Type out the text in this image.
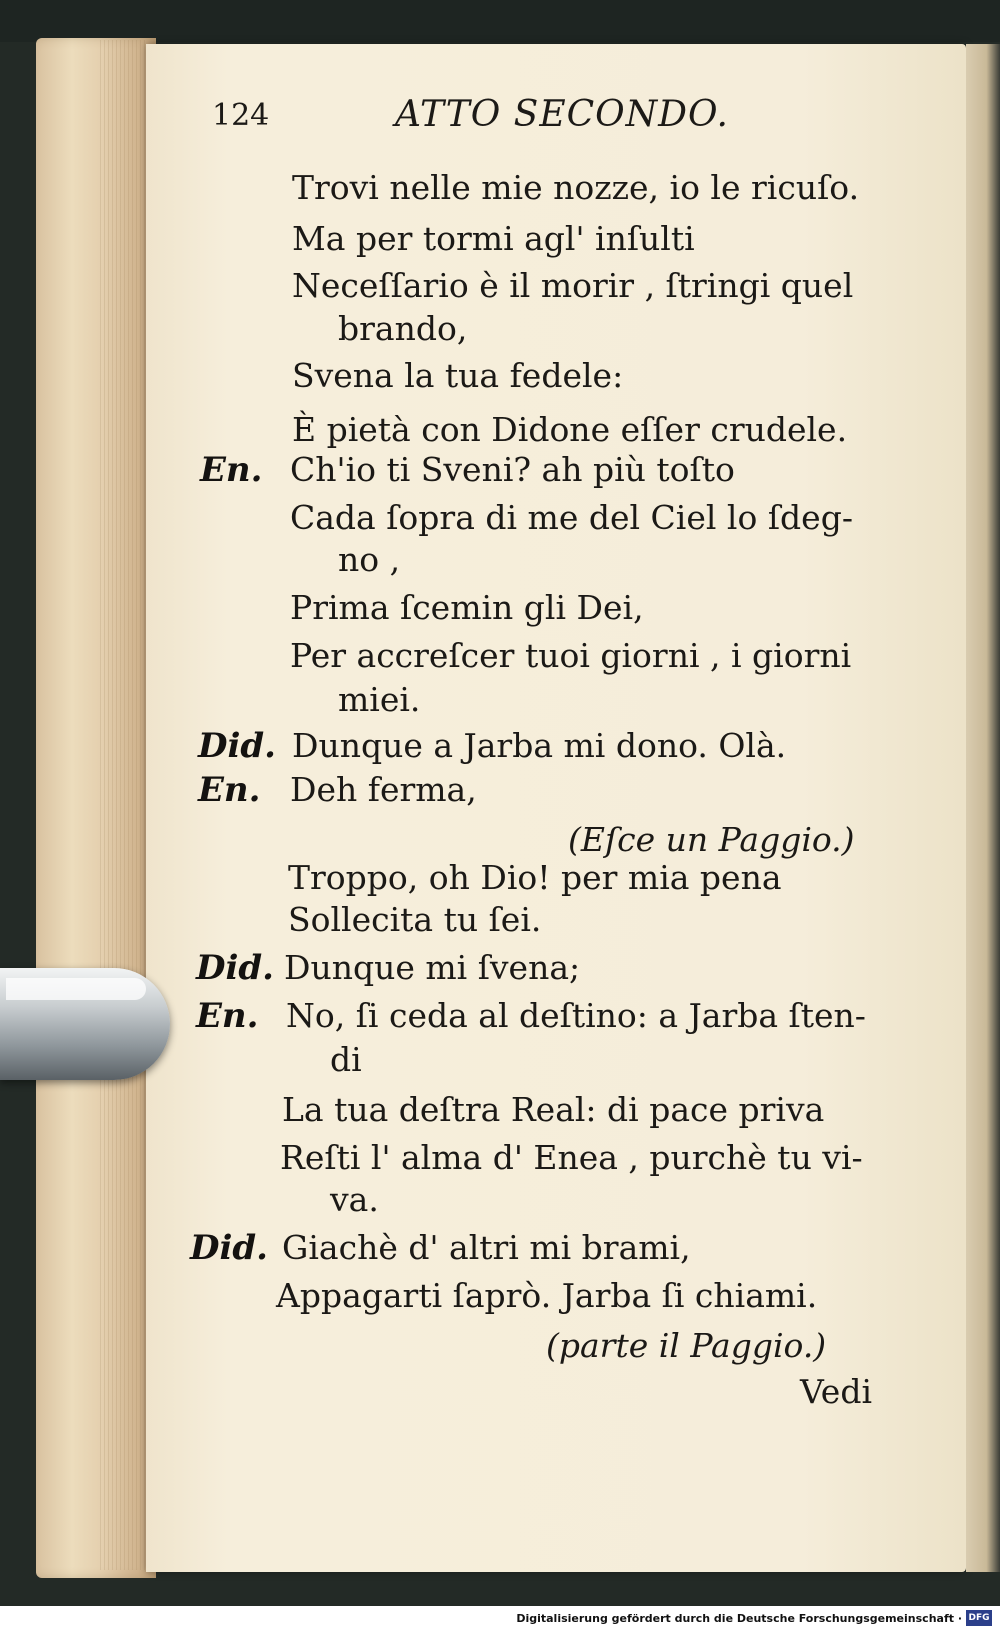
124	ATTO SECONDO.
Trovi nelle mie nozze, io le ricuſo.
Ma per tormi agl' inſulti
Neceſſario è il morir , ſtringi quel
brando,
Svena la tua fedele:
È pietà con Didone eſſer crudele.
En. Ch'io ti Sveni? ah più toſto
Cada ſopra di me del Ciel lo ſdeg-
no ,
Prima ſcemin gli Dei,
Per accreſcer tuoi giorni , i giorni
miei.
Did. Dunque a Jarba mi dono. Olà.
En. Deh ferma,
(Eſce un Paggio.)
Troppo, oh Dio! per mia pena
Sollecita tu ſei.
Did. Dunque mi ſvena;
En. No, ſi ceda al deſtino: a Jarba ſten-
di
La tua deſtra Real: di pace priva
Reſti l' alma d' Enea , purchè tu vi-
va.
Did. Giachè d' altri mi brami,
Appagarti ſaprò. Jarba ſi chiami.
(parte il Paggio.)
Vedi
Digitalisierung gefördert durch die Deutsche Forschungsgemeinschaft · DFG
